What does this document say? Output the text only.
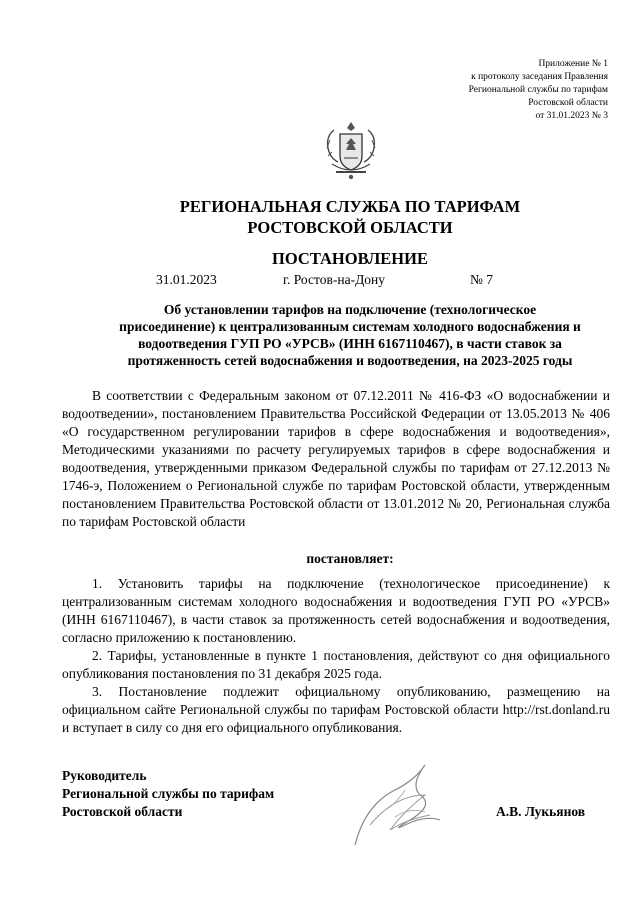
Приложение № 1
к протоколу заседания Правления
Региональной службы по тарифам
Ростовской области
от 31.01.2023 № 3
РЕГИОНАЛЬНАЯ СЛУЖБА ПО ТАРИФАМ
РОСТОВСКОЙ ОБЛАСТИ
ПОСТАНОВЛЕНИЕ
31.01.2023	г. Ростов-на-Дону	№ 7
Об установлении тарифов на подключение (технологическое
присоединение) к централизованным системам холодного водоснабжения и
водоотведения ГУП РО «УРСВ» (ИНН 6167110467), в части ставок за
протяженность сетей водоснабжения и водоотведения, на 2023-2025 годы

В соответствии с Федеральным законом от 07.12.2011 № 416-ФЗ «О водоснабжении и водоотведении», постановлением Правительства Российской Федерации от 13.05.2013 № 406 «О государственном регулировании тарифов в сфере водоснабжения и водоотведения», Методическими указаниями по расчету регулируемых тарифов в сфере водоснабжения и водоотведения, утвержденными приказом Федеральной службы по тарифам от 27.12.2013 № 1746-э, Положением о Региональной службе по тарифам Ростовской области, утвержденным постановлением Правительства Ростовской области от 13.01.2012 № 20, Региональная служба по тарифам Ростовской области

постановляет:

1. Установить тарифы на подключение (технологическое присоединение) к централизованным системам холодного водоснабжения и водоотведения ГУП РО «УРСВ» (ИНН 6167110467), в части ставок за протяженность сетей водоснабжения и водоотведения, согласно приложению к постановлению.

2. Тарифы, установленные в пункте 1 постановления, действуют со дня официального опубликования постановления по 31 декабря 2025 года.

3. Постановление подлежит официальному опубликованию, размещению на официальном сайте Региональной службы по тарифам Ростовской области http://rst.donland.ru и вступает в силу со дня его официального опубликования.

Руководитель
Региональной службы по тарифам
Ростовской области	А.В. Лукьянов
